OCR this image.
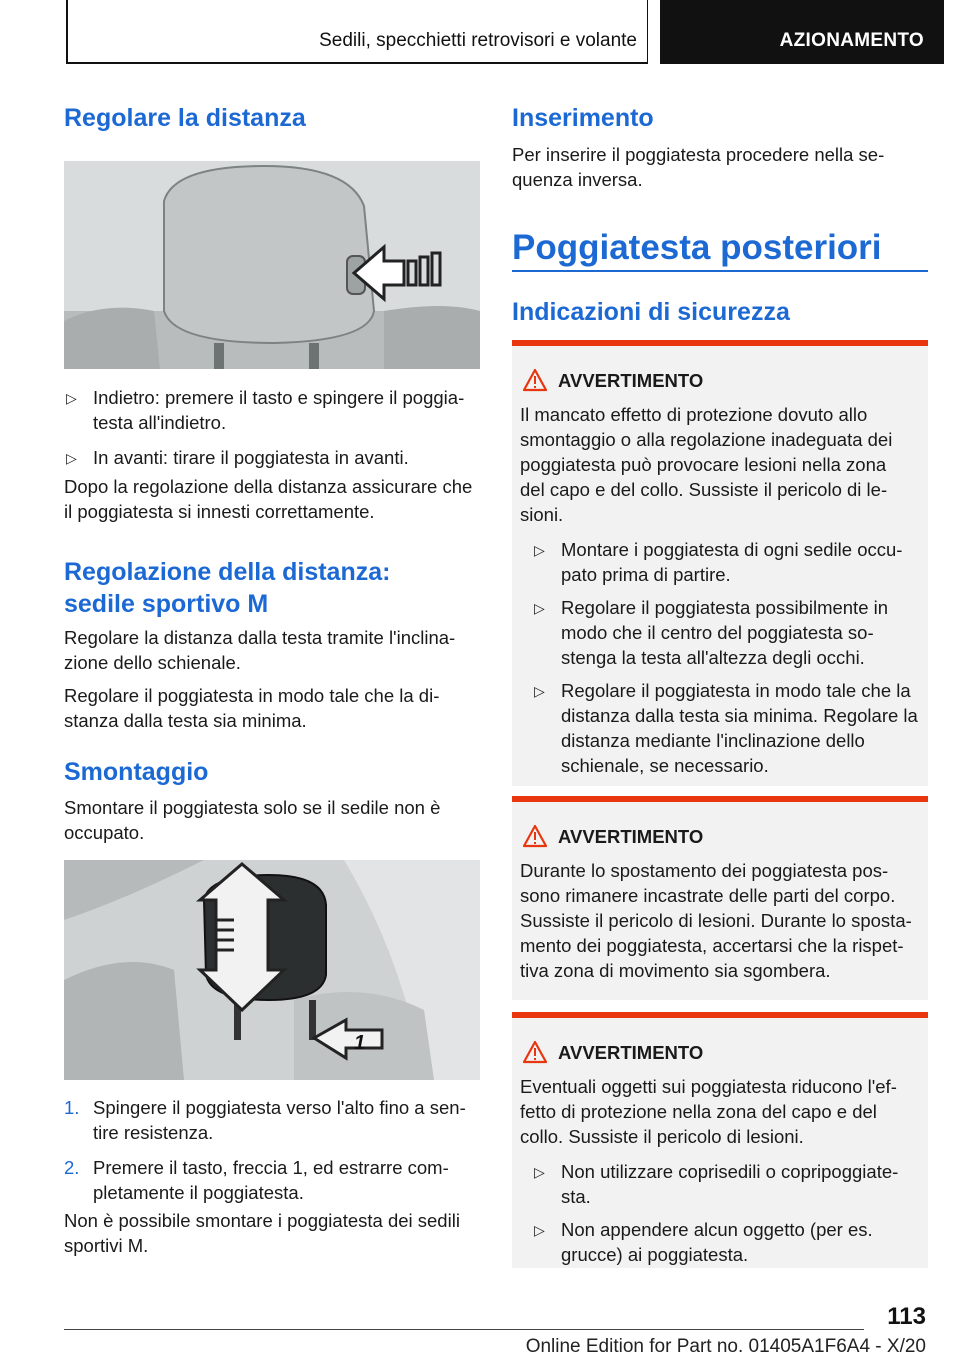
Sedili, specchietti retrovisori e volante	AZIONAMENTO
Regolare la distanza
▷ Indietro: premere il tasto e spingere il poggia-
testa all'indietro.
▷ In avanti: tirare il poggiatesta in avanti.

Dopo la regolazione della distanza assicurare che
il poggiatesta si innesti correttamente.

Regolazione della distanza:
sedile sportivo M

Regolare la distanza dalla testa tramite l'inclina-
zione dello schienale.

Regolare il poggiatesta in modo tale che la di-
stanza dalla testa sia minima.

Smontaggio

Smontare il poggiatesta solo se il sedile non è
occupato.

1
1. Spingere il poggiatesta verso l'alto fino a sen-
tire resistenza.
2. Premere il tasto, freccia 1, ed estrarre com-
pletamente il poggiatesta.

Non è possibile smontare i poggiatesta dei sedili
sportivi M.

Inserimento

Per inserire il poggiatesta procedere nella se-
quenza inversa.

Poggiatesta posteriori
Indicazioni di sicurezza
AVVERTIMENTO
Il mancato effetto di protezione dovuto allo
smontaggio o alla regolazione inadeguata dei
poggiatesta può provocare lesioni nella zona
del capo e del collo. Sussiste il pericolo di le-
sioni.
▷ Montare i poggiatesta di ogni sedile occu-
pato prima di partire.
▷ Regolare il poggiatesta possibilmente in
modo che il centro del poggiatesta so-
stenga la testa all'altezza degli occhi.
▷ Regolare il poggiatesta in modo tale che la
distanza dalla testa sia minima. Regolare la
distanza mediante l'inclinazione dello
schienale, se necessario.
AVVERTIMENTO
Durante lo spostamento dei poggiatesta pos-
sono rimanere incastrate delle parti del corpo.
Sussiste il pericolo di lesioni. Durante lo sposta-
mento dei poggiatesta, accertarsi che la rispet-
tiva zona di movimento sia sgombera.
AVVERTIMENTO
Eventuali oggetti sui poggiatesta riducono l'ef-
fetto di protezione nella zona del capo e del
collo. Sussiste il pericolo di lesioni.
▷ Non utilizzare coprisedili o copripoggiate-
sta.
▷ Non appendere alcun oggetto (per es.
grucce) ai poggiatesta.
113
Online Edition for Part no. 01405A1F6A4 - X/20
